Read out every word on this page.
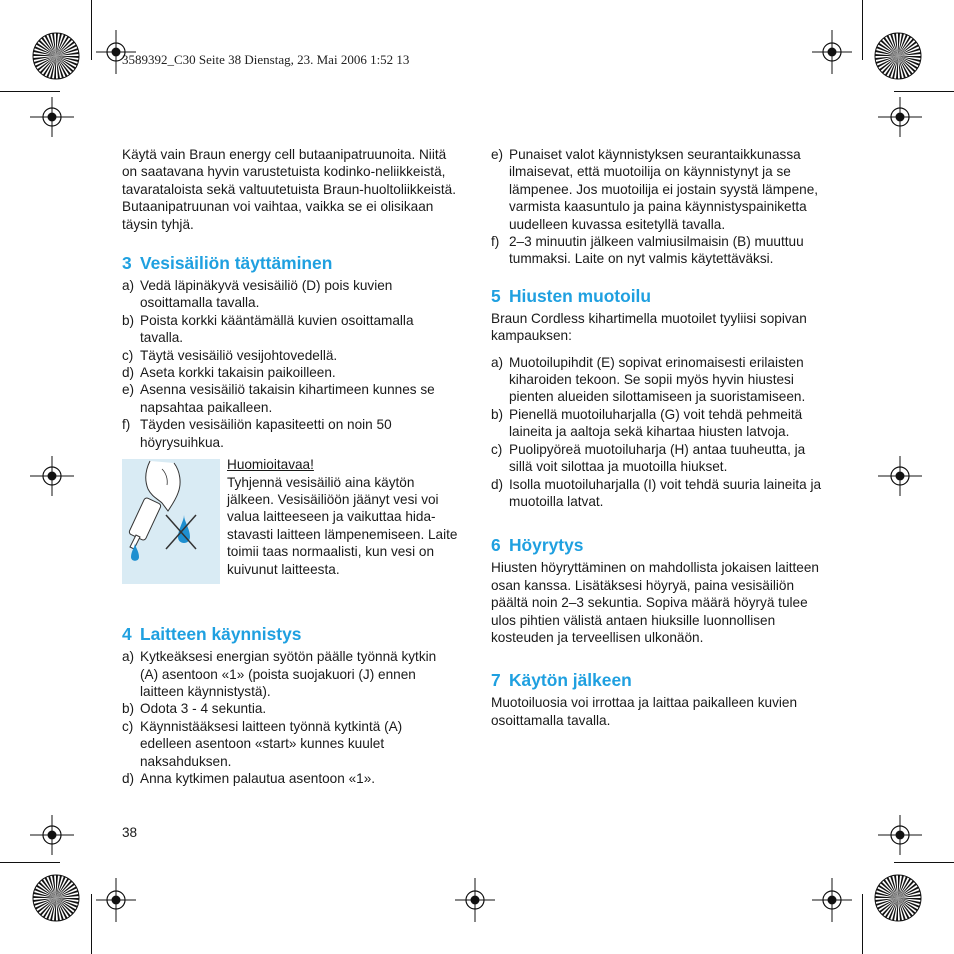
3589392_C30 Seite 38 Dienstag, 23. Mai 2006 1:52 13

Käytä vain Braun energy cell butaanipatruunoita. Niitä on saatavana hyvin varustetuista kodinko-neliikkeistä, tavarataloista sekä valtuutetuista Braun-huoltoliikkeistä. Butaanipatruunan voi vaihtaa, vaikka se ei olisikaan täysin tyhjä.

3 Vesisäiliön täyttäminen
a) Vedä läpinäkyvä vesisäiliö (D) pois kuvien osoittamalla tavalla.
b) Poista korkki kääntämällä kuvien osoittamalla tavalla.
c) Täytä vesisäiliö vesijohtovedellä.
d) Aseta korkki takaisin paikoilleen.
e) Asenna vesisäiliö takaisin kihartimeen kunnes se napsahtaa paikalleen.
f) Täyden vesisäiliön kapasiteetti on noin 50 höyrysuihkua.
Huomioitavaa!
Tyhjennä vesisäiliö aina käytön jälkeen. Vesisäiliöön jäänyt vesi voi valua laitteeseen ja vaikuttaa hida-stavasti laitteen lämpenemiseen. Laite toimii taas normaalisti, kun vesi on kuivunut laitteesta.
4 Laitteen käynnistys
a) Kytkeäksesi energian syötön päälle työnnä kytkin (A) asentoon «1» (poista suojakuori (J) ennen laitteen käynnistystä).
b) Odota 3 - 4 sekuntia.
c) Käynnistääksesi laitteen työnnä kytkintä (A) edelleen asentoon «start» kunnes kuulet naksahduksen.
d) Anna kytkimen palautua asentoon «1».
e) Punaiset valot käynnistyksen seurantaikkunassa ilmaisevat, että muotoilija on käynnistynyt ja se lämpenee. Jos muotoilija ei jostain syystä lämpene, varmista kaasuntulo ja paina käynnistyspainiketta uudelleen kuvassa esitetyllä tavalla.
f) 2–3 minuutin jälkeen valmiusilmaisin (B) muuttuu tummaksi. Laite on nyt valmis käytettäväksi.
5 Hiusten muotoilu

Braun Cordless kihartimella muotoilet tyyliisi sopivan kampauksen:

a) Muotoilupihdit (E) sopivat erinomaisesti erilaisten kiharoiden tekoon. Se sopii myös hyvin hiustesi pienten alueiden silottamiseen ja suoristamiseen.
b) Pienellä muotoiluharjalla (G) voit tehdä pehmeitä laineita ja aaltoja sekä kihartaa hiusten latvoja.
c) Puolipyöreä muotoiluharja (H) antaa tuuheutta, ja sillä voit silottaa ja muotoilla hiukset.
d) Isolla muotoiluharjalla (I) voit tehdä suuria laineita ja muotoilla latvat.
6 Höyrytys

Hiusten höyryttäminen on mahdollista jokaisen laitteen osan kanssa. Lisätäksesi höyryä, paina vesisäiliön päältä noin 2–3 sekuntia. Sopiva määrä höyryä tulee ulos pihtien välistä antaen hiuksille luonnollisen kosteuden ja terveellisen ulkonäön.

7 Käytön jälkeen

Muotoiluosia voi irrottaa ja laittaa paikalleen kuvien osoittamalla tavalla.

38
